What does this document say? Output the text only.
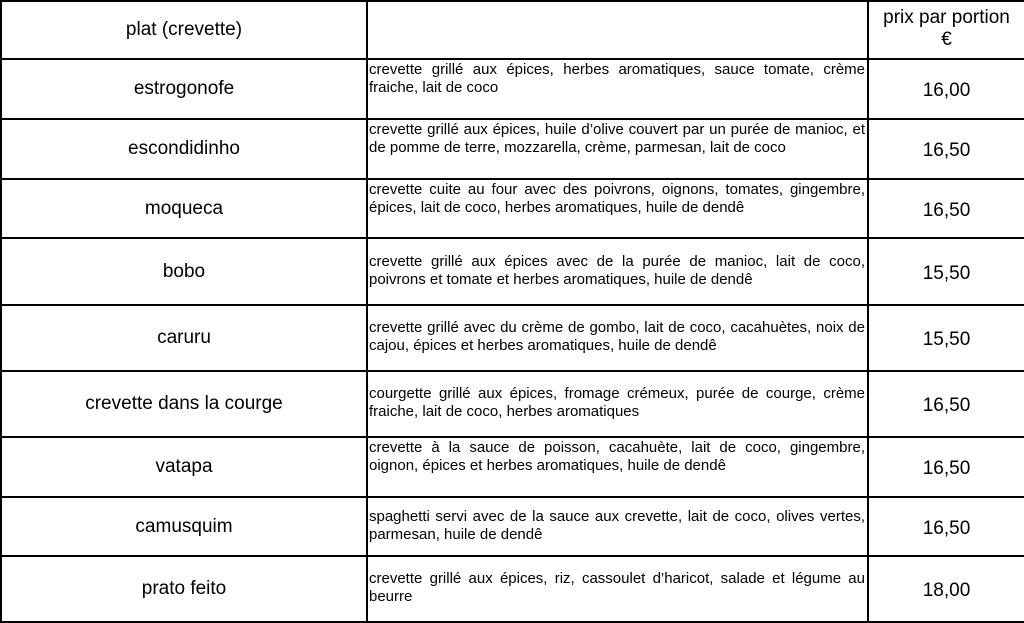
plat (crevette)		prix par portion
€

estrogonofe	crevette grillé aux épices, herbes aromatiques, sauce tomate, crème fraiche, lait de coco	16,00
escondidinho	crevette grillé aux épices, huile d’olive couvert par un purée de manioc, et de pomme de terre, mozzarella, crème, parmesan, lait de coco	16,50
moqueca	crevette cuite au four avec des poivrons, oignons, tomates, gingembre, épices, lait de coco, herbes aromatiques, huile de dendê	16,50
bobo	crevette grillé aux épices avec de la purée de manioc, lait de coco, poivrons et tomate et herbes aromatiques, huile de dendê	15,50
caruru	crevette grillé avec du crème de gombo, lait de coco, cacahuètes, noix de cajou, épices et herbes aromatiques, huile de dendê	15,50
crevette dans la courge	courgette grillé aux épices, fromage crémeux, purée de courge, crème fraiche, lait de coco, herbes aromatiques	16,50
vatapa	crevette à la sauce de poisson, cacahuète, lait de coco, gingembre, oignon, épices et herbes aromatiques, huile de dendê	16,50
camusquim	spaghetti servi avec de la sauce aux crevette, lait de coco, olives vertes, parmesan, huile de dendê	16,50
prato feito	crevette grillé aux épices, riz, cassoulet d’haricot, salade et légume au beurre	18,00
